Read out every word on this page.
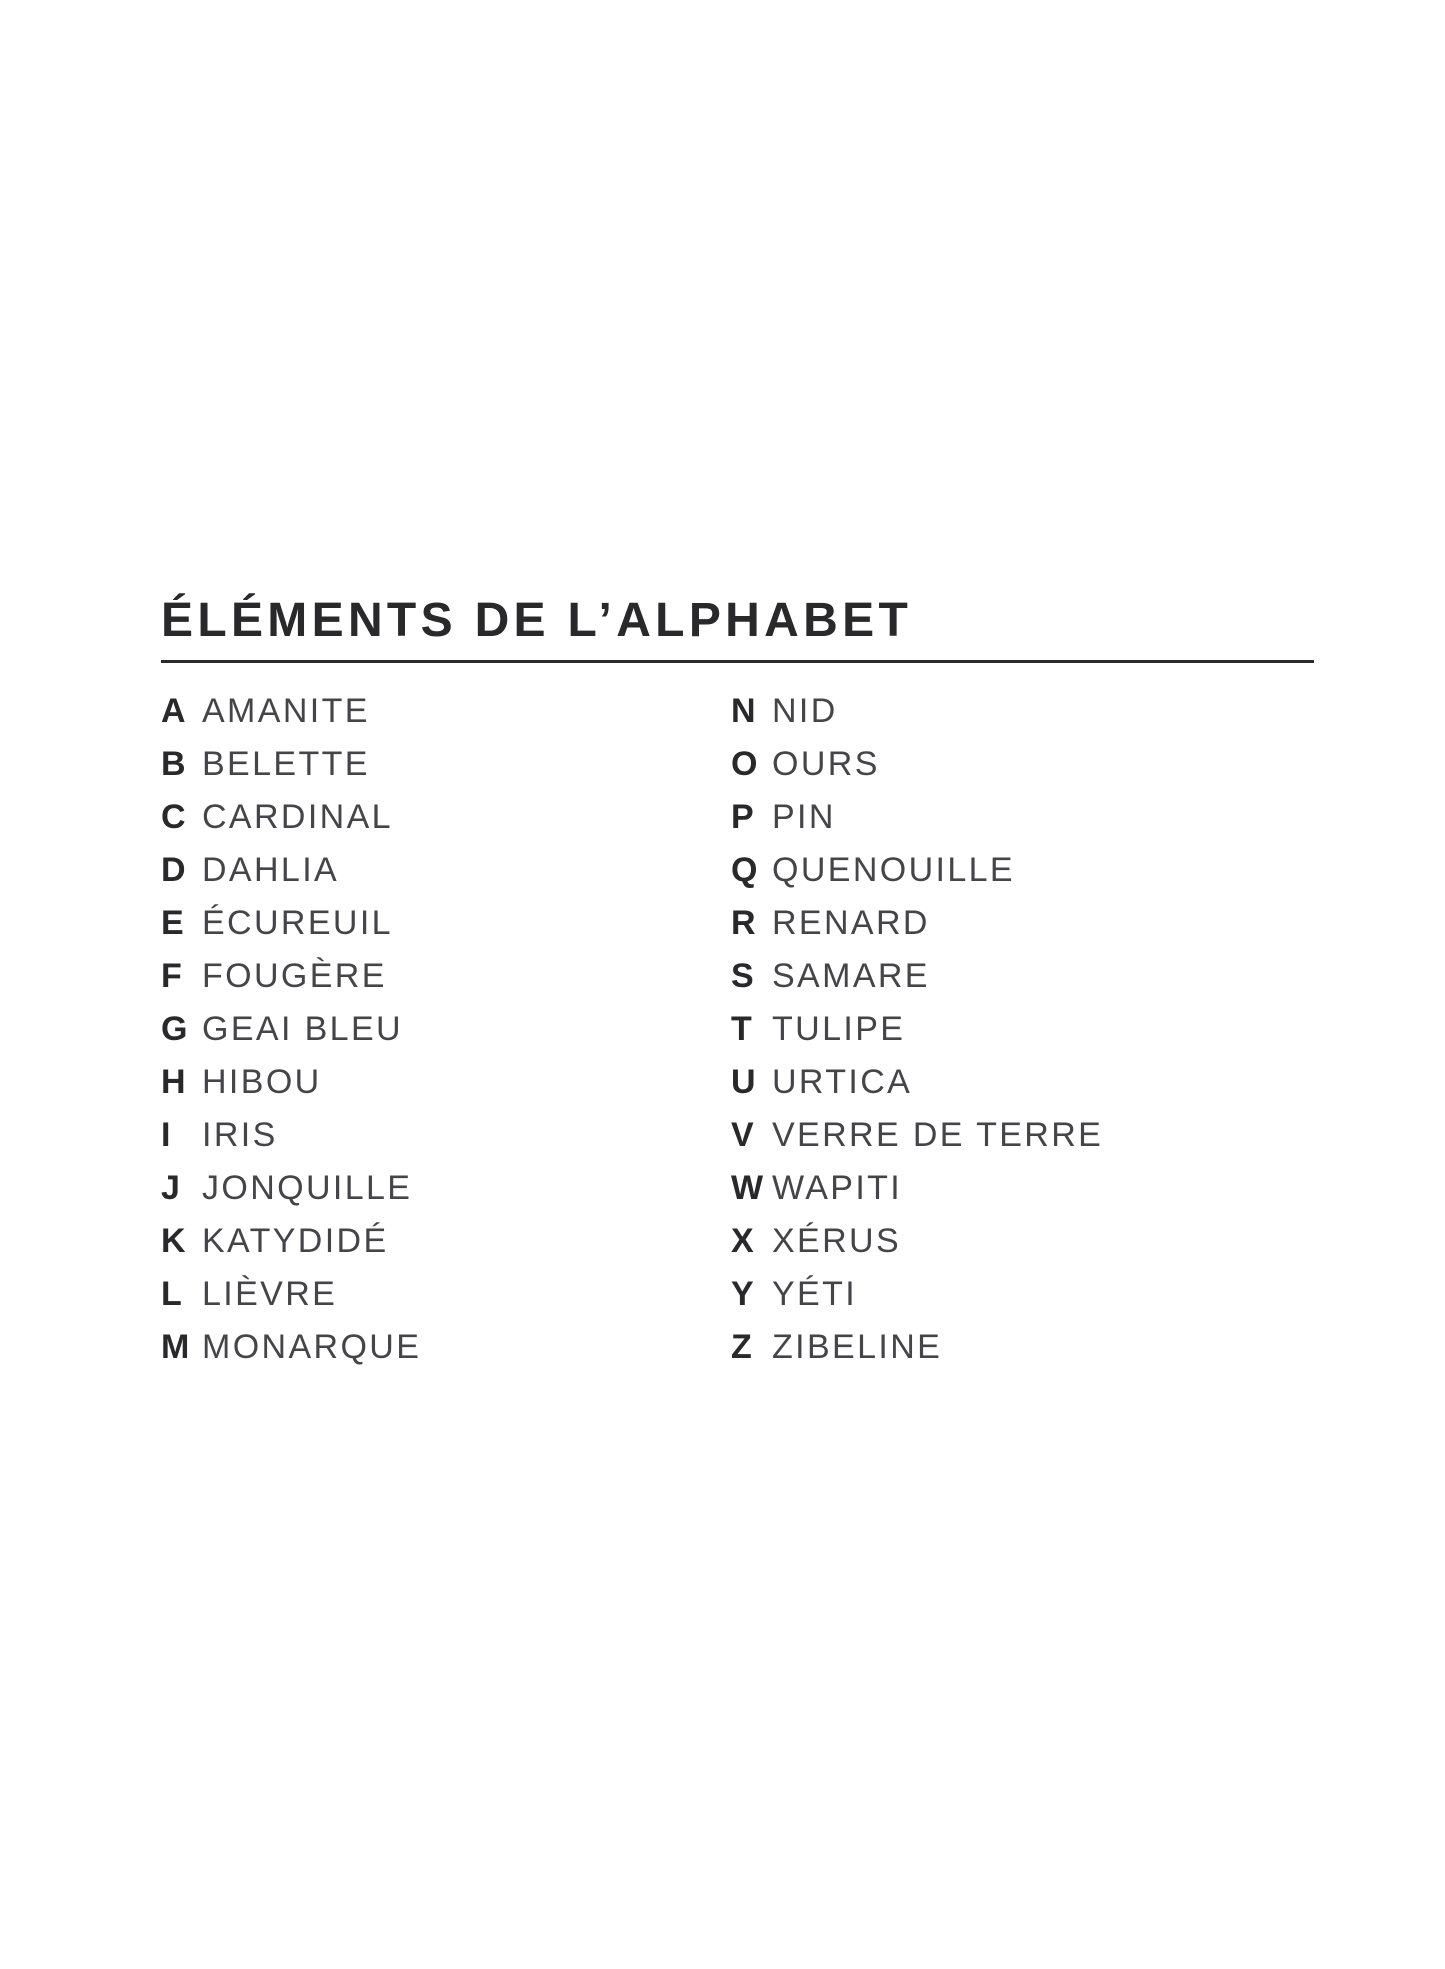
ÉLÉMENTS DE L’ALPHABET
A AMANITE
B BELETTE
C CARDINAL
D DAHLIA
E ÉCUREUIL
F FOUGÈRE
G GEAI BLEU
H HIBOU
I IRIS
J JONQUILLE
K KATYDIDÉ
L LIÈVRE
M MONARQUE
N NID
O OURS
P PIN
Q QUENOUILLE
R RENARD
S SAMARE
T TULIPE
U URTICA
V VERRE DE TERRE
W WAPITI
X XÉRUS
Y YÉTI
Z ZIBELINE
